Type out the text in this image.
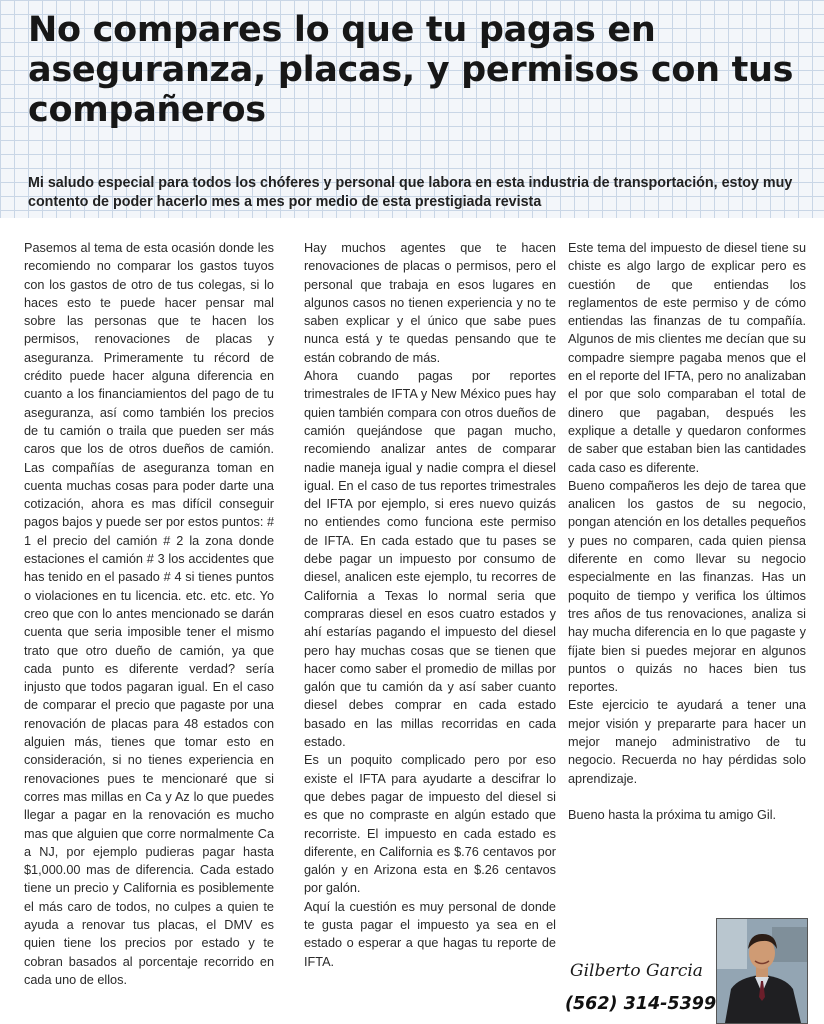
No compares lo que tu pagas en aseguranza, placas, y permisos con tus compañeros

Mi saludo especial para todos los chóferes y personal que labora en esta industria de transportación, estoy muy contento de poder hacerlo mes a mes por medio de esta prestigiada revista

Pasemos al tema de esta ocasión donde les recomiendo no comparar los gastos tuyos con los gastos de otro de tus colegas, si lo haces esto te puede hacer pensar mal sobre las personas que te hacen los permisos, renovaciones de placas y aseguranza. Primeramente tu récord de crédito puede hacer alguna diferencia en cuanto a los financiamientos del pago de tu aseguranza, así como también los precios de tu camión o traila que pueden ser más caros que los de otros dueños de camión. Las compañías de aseguranza toman en cuenta muchas cosas para poder darte una cotización, ahora es mas difícil conseguir pagos bajos y puede ser por estos puntos: # 1 el precio del camión # 2 la zona donde estaciones el camión # 3 los accidentes que has tenido en el pasado # 4 si tienes puntos o violaciones en tu licencia. etc. etc. etc. Yo creo que con lo antes mencionado se darán cuenta que seria imposible tener el mismo trato que otro dueño de camión, ya que cada punto es diferente verdad? sería injusto que todos pagaran igual. En el caso de comparar el precio que pagaste por una renovación de placas para 48 estados con alguien más, tienes que tomar esto en consideración, si no tienes experiencia en renovaciones pues te mencionaré que si corres mas millas en Ca y Az lo que puedes llegar a pagar en la renovación es mucho mas que alguien que corre normalmente Ca a NJ, por ejemplo pudieras pagar hasta $1,000.00 mas de diferencia. Cada estado tiene un precio y California es posiblemente el más caro de todos, no culpes a quien te ayuda a renovar tus placas, el DMV es quien tiene los precios por estado y te cobran basados al porcentaje recorrido en cada uno de ellos.

Hay muchos agentes que te hacen renovaciones de placas o permisos, pero el personal que trabaja en esos lugares en algunos casos no tienen experiencia y no te saben explicar y el único que sabe pues nunca está y te quedas pensando que te están cobrando de más.

Ahora cuando pagas por reportes trimestrales de IFTA y New México pues hay quien también compara con otros dueños de camión quejándose que pagan mucho, recomiendo analizar antes de comparar nadie maneja igual y nadie compra el diesel igual. En el caso de tus reportes trimestrales del IFTA por ejemplo, si eres nuevo quizás no entiendes como funciona este permiso de IFTA. En cada estado que tu pases se debe pagar un impuesto por consumo de diesel, analicen este ejemplo, tu recorres de California a Texas lo normal seria que compraras diesel en esos cuatro estados y ahí estarías pagando el impuesto del diesel pero hay muchas cosas que se tienen que hacer como saber el promedio de millas por galón que tu camión da y así saber cuanto diesel debes comprar en cada estado basado en las millas recorridas en cada estado.

Es un poquito complicado pero por eso existe el IFTA para ayudarte a descifrar lo que debes pagar de impuesto del diesel si es que no compraste en algún estado que recorriste. El impuesto en cada estado es diferente, en California es $.76 centavos por galón y en Arizona esta en $.26 centavos por galón.

Aquí la cuestión es muy personal de donde te gusta pagar el impuesto ya sea en el estado o esperar a que hagas tu reporte de IFTA.

Este tema del impuesto de diesel tiene su chiste es algo largo de explicar pero es cuestión de que entiendas los reglamentos de este permiso y de cómo entiendas las finanzas de tu compañía. Algunos de mis clientes me decían que su compadre siempre pagaba menos que el en el reporte del IFTA, pero no analizaban el por que solo comparaban el total de dinero que pagaban, después les explique a detalle y quedaron conformes de saber que estaban bien las cantidades cada caso es diferente.

Bueno compañeros les dejo de tarea que analicen los gastos de su negocio, pongan atención en los detalles pequeños y pues no comparen, cada quien piensa diferente en como llevar su negocio especialmente en las finanzas. Has un poquito de tiempo y verifica los últimos tres años de tus renovaciones, analiza si hay mucha diferencia en lo que pagaste y fíjate bien si puedes mejorar en algunos puntos o quizás no haces bien tus reportes.

Este ejercicio te ayudará a tener una mejor visión y prepararte para hacer un mejor manejo administrativo de tu negocio. Recuerda no hay pérdidas solo aprendizaje.

Bueno hasta la próxima tu amigo Gil.

Gilberto Garcia
(562) 314-5399
